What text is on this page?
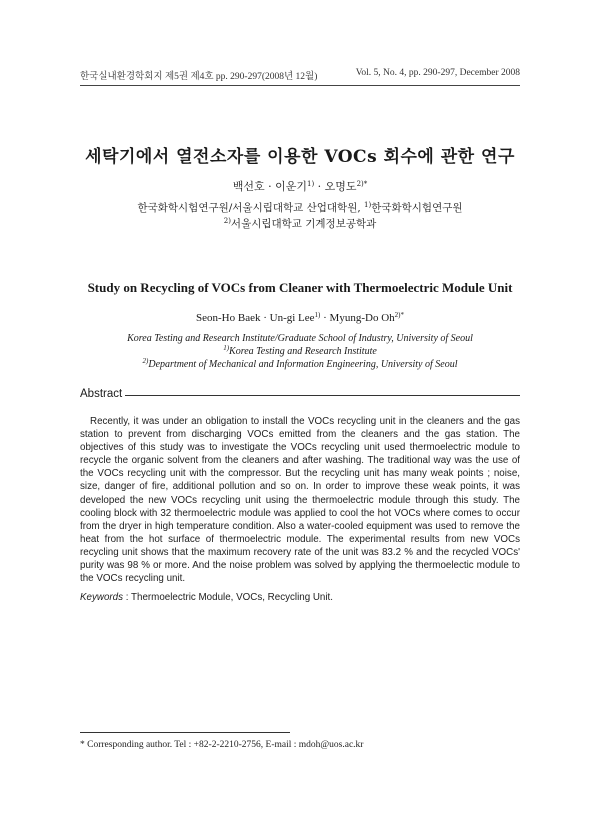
한국실내환경학회지 제5권 제4호 pp. 290-297(2008년 12월)	Vol. 5, No. 4, pp. 290-297, December 2008
세탁기에서 열전소자를 이용한 VOCs 회수에 관한 연구
백선호 · 이운기$^{1)}$ · 오명도$^{2)*}$
한국화학시험연구원/서울시립대학교 산업대학원, $^{1)}$한국화학시험연구원
$^{2)}$서울시립대학교 기계정보공학과
Study on Recycling of VOCs from Cleaner with Thermoelectric Module Unit
Seon-Ho Baek · Un-gi Lee$^{1)}$ · Myung-Do $Oh^{2)*}$
Korea Testing and Research Institute/Graduate School of Industry, University of Seoul
$^{1)}$Korea Testing and Research Institute
$^{2)}$Department of Mechanical and Information Engineering, University of Seoul
Abstract

Recently, it was under an obligation to install the VOCs recycling unit in the cleaners and the gas station to prevent from discharging VOCs emitted from the cleaners and the gas station. The objectives of this study was to investigate the VOCs recycling unit used thermoelectric module to recycle the organic solvent from the cleaners and after washing. The traditional way was the use of the VOCs recycling unit with the compressor. But the recycling unit has many weak points ; noise, size, danger of fire, additional pollution and so on. In order to improve these weak points, it was developed the new VOCs recycling unit using the thermoelectric module through this study. The cooling block with 32 thermoelectric module was applied to cool the hot VOCs where comes to occur from the dryer in high temperature condition. Also a water-cooled equipment was used to remove the heat from the hot surface of thermoelectric module. The experimental results from new VOCs recycling unit shows that the maximum recovery rate of the unit was 83.2 % and the recycled VOCs' purity was 98 % or more. And the noise problem was solved by applying the thermoelectic module to the VOCs recycling unit.

Keywords : Thermoelectric Module, VOCs, Recycling Unit.
* Corresponding author. Tel : +82-2-2210-2756, E-mail : mdoh@uos.ac.kr
